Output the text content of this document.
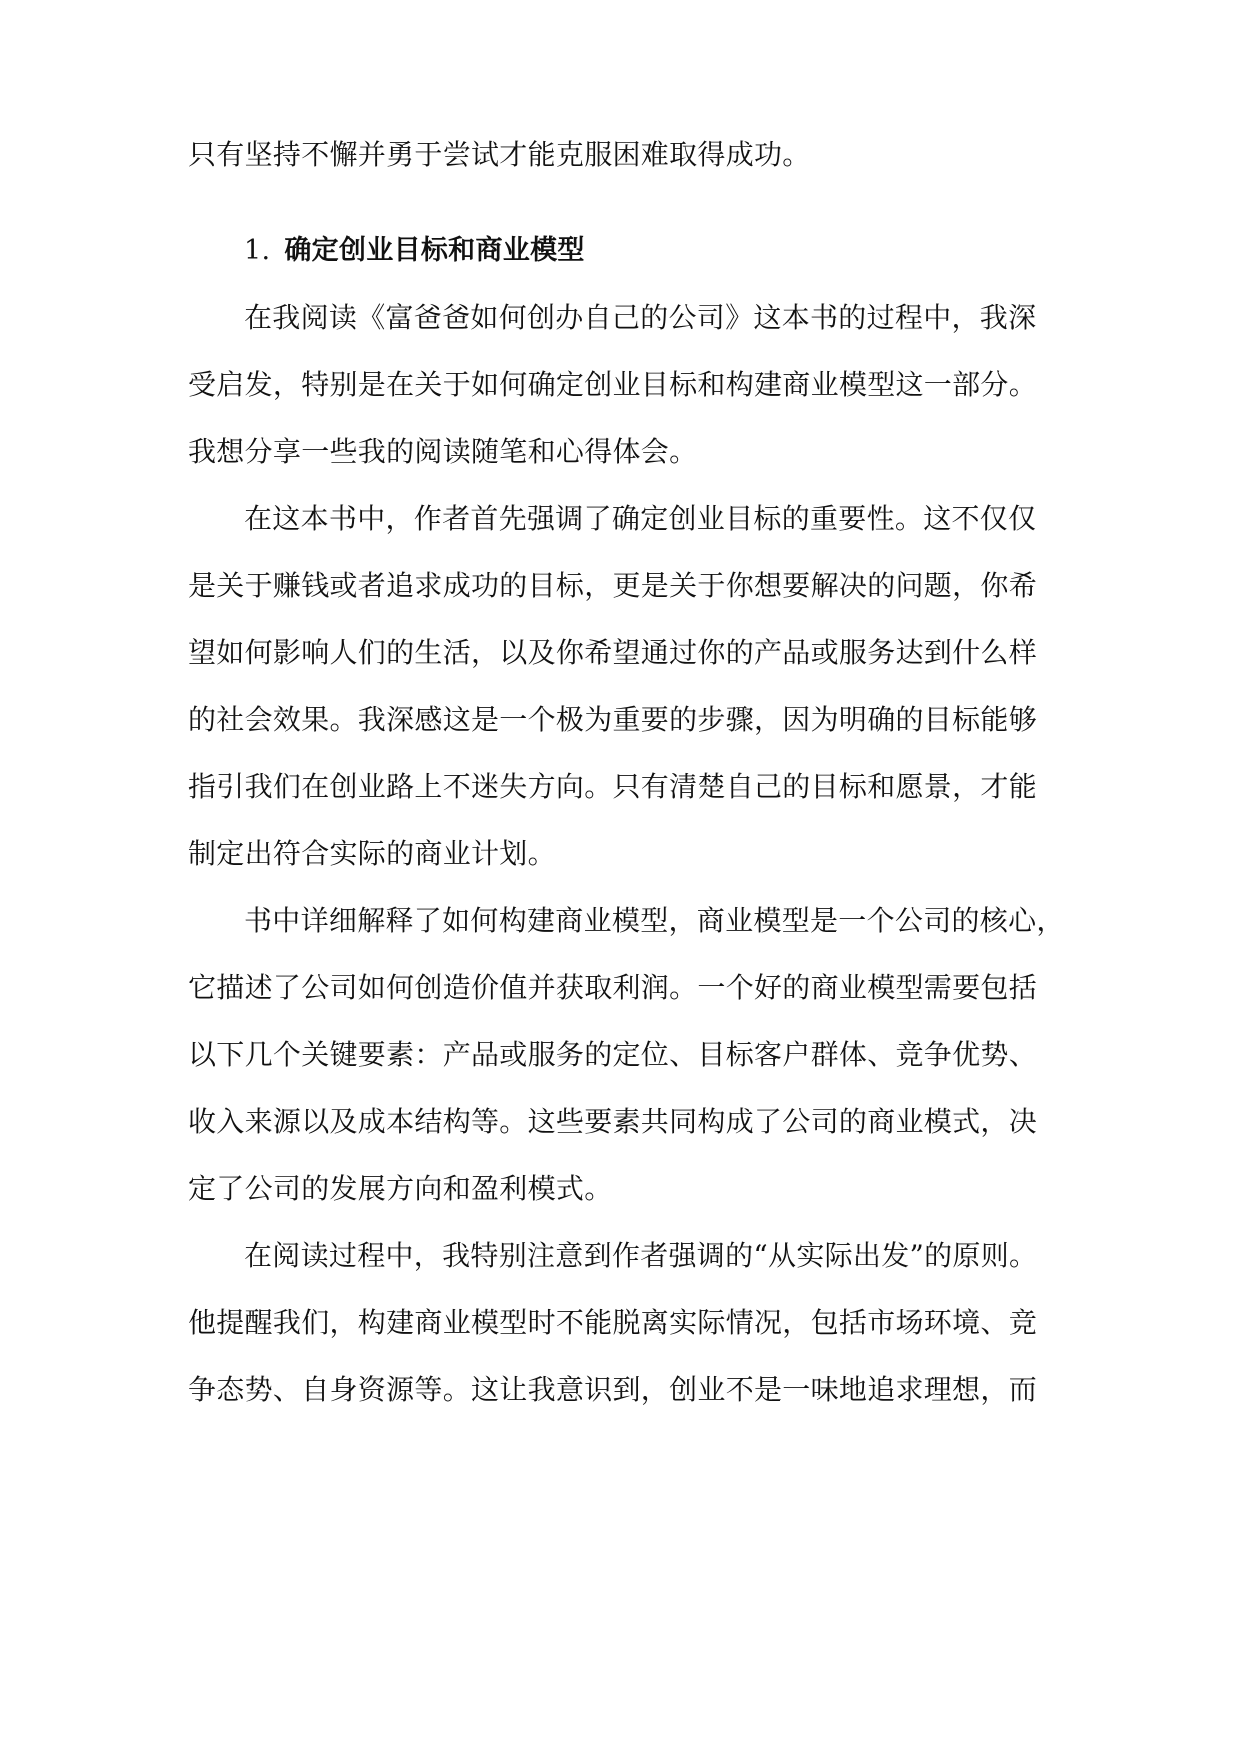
只有坚持不懈并勇于尝试才能克服困难取得成功。
1. 确定创业目标和商业模型
在我阅读《富爸爸如何创办自己的公司》这本书的过程中，我深
受启发，特别是在关于如何确定创业目标和构建商业模型这一部分。
我想分享一些我的阅读随笔和心得体会。
在这本书中，作者首先强调了确定创业目标的重要性。这不仅仅
是关于赚钱或者追求成功的目标，更是关于你想要解决的问题，你希
望如何影响人们的生活，以及你希望通过你的产品或服务达到什么样
的社会效果。我深感这是一个极为重要的步骤，因为明确的目标能够
指引我们在创业路上不迷失方向。只有清楚自己的目标和愿景，才能
制定出符合实际的商业计划。
书中详细解释了如何构建商业模型，商业模型是一个公司的核心，
它描述了公司如何创造价值并获取利润。一个好的商业模型需要包括
以下几个关键要素：产品或服务的定位、目标客户群体、竞争优势、
收入来源以及成本结构等。这些要素共同构成了公司的商业模式，决
定了公司的发展方向和盈利模式。
在阅读过程中，我特别注意到作者强调的“从实际出发”的原则。
他提醒我们，构建商业模型时不能脱离实际情况，包括市场环境、竞
争态势、自身资源等。这让我意识到，创业不是一味地追求理想，而
